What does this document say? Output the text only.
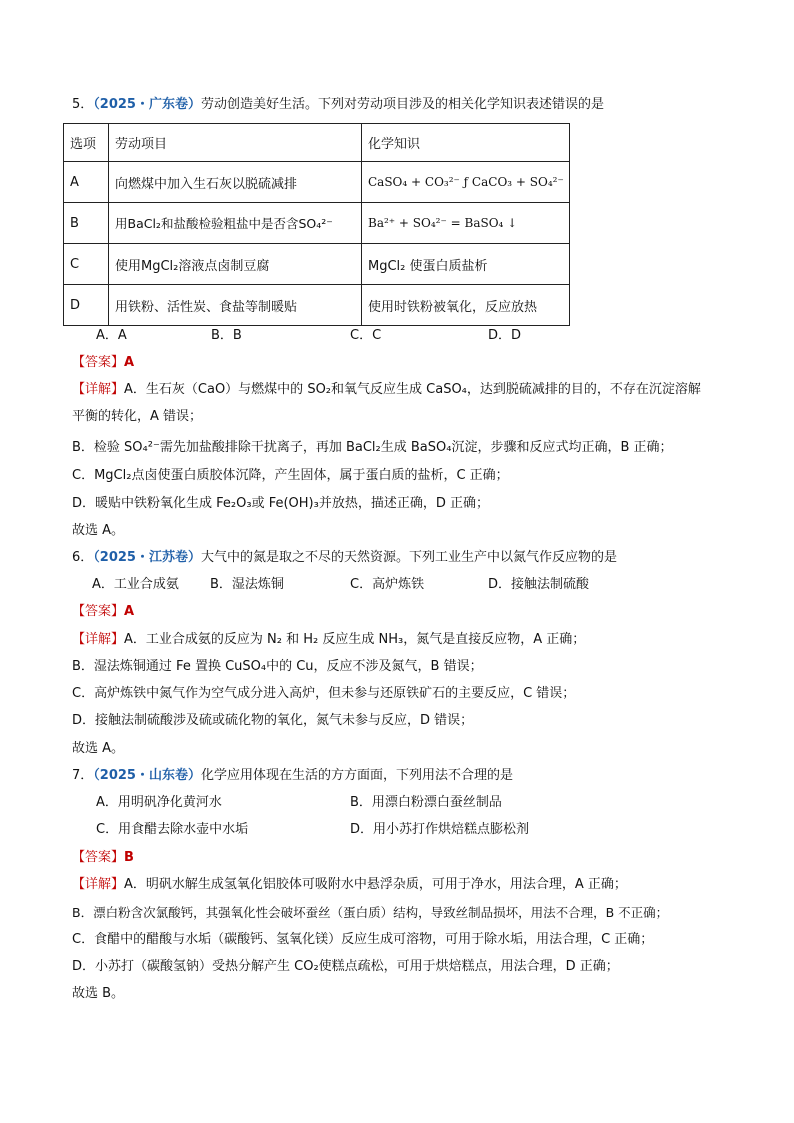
5．（2025・广东卷）劳动创造美好生活。下列对劳动项目涉及的相关化学知识表述错误的是
选项	劳动项目	化学知识
A	向燃煤中加入生石灰以脱硫减排	CaSO₄ + CO₃²⁻ ƒ CaCO₃ + SO₄²⁻
B	用BaCl₂和盐酸检验粗盐中是否含SO₄²⁻	Ba²⁺ + SO₄²⁻ = BaSO₄ ↓
C	使用MgCl₂溶液点卤制豆腐	MgCl₂ 使蛋白质盐析
D	用铁粉、活性炭、食盐等制暖贴	使用时铁粉被氧化，反应放热
A．A	B．B	C．C	D．D
【答案】A
【详解】A．生石灰（CaO）与燃煤中的 SO₂和氧气反应生成 CaSO₄，达到脱硫减排的目的，不存在沉淀溶解
平衡的转化，A 错误；
B．检验 SO₄²⁻需先加盐酸排除干扰离子，再加 BaCl₂生成 BaSO₄沉淀，步骤和反应式均正确，B 正确；
C．MgCl₂点卤使蛋白质胶体沉降，产生固体，属于蛋白质的盐析，C 正确；
D．暖贴中铁粉氧化生成 Fe₂O₃或 Fe(OH)₃并放热，描述正确，D 正确；
故选 A。
6．（2025・江苏卷）大气中的氮是取之不尽的天然资源。下列工业生产中以氮气作反应物的是
A．工业合成氨 B．湿法炼铜	C．高炉炼铁	D．接触法制硫酸
【答案】A
【详解】A．工业合成氨的反应为 N₂ 和 H₂ 反应生成 NH₃，氮气是直接反应物，A 正确；
B．湿法炼铜通过 Fe 置换 CuSO₄中的 Cu，反应不涉及氮气，B 错误；
C．高炉炼铁中氮气作为空气成分进入高炉，但未参与还原铁矿石的主要反应，C 错误；
D．接触法制硫酸涉及硫或硫化物的氧化，氮气未参与反应，D 错误；
故选 A。
7．（2025・山东卷）化学应用体现在生活的方方面面，下列用法不合理的是
A．用明矾净化黄河水	B．用漂白粉漂白蚕丝制品
C．用食醋去除水壶中水垢	D．用小苏打作烘焙糕点膨松剂
【答案】B
【详解】A．明矾水解生成氢氧化铝胶体可吸附水中悬浮杂质，可用于净水，用法合理，A 正确；
B．漂白粉含次氯酸钙，其强氧化性会破坏蚕丝（蛋白质）结构，导致丝制品损坏，用法不合理，B 不正确；
C．食醋中的醋酸与水垢（碳酸钙、氢氧化镁）反应生成可溶物，可用于除水垢，用法合理，C 正确；
D．小苏打（碳酸氢钠）受热分解产生 CO₂使糕点疏松，可用于烘焙糕点，用法合理，D 正确；
故选 B。
